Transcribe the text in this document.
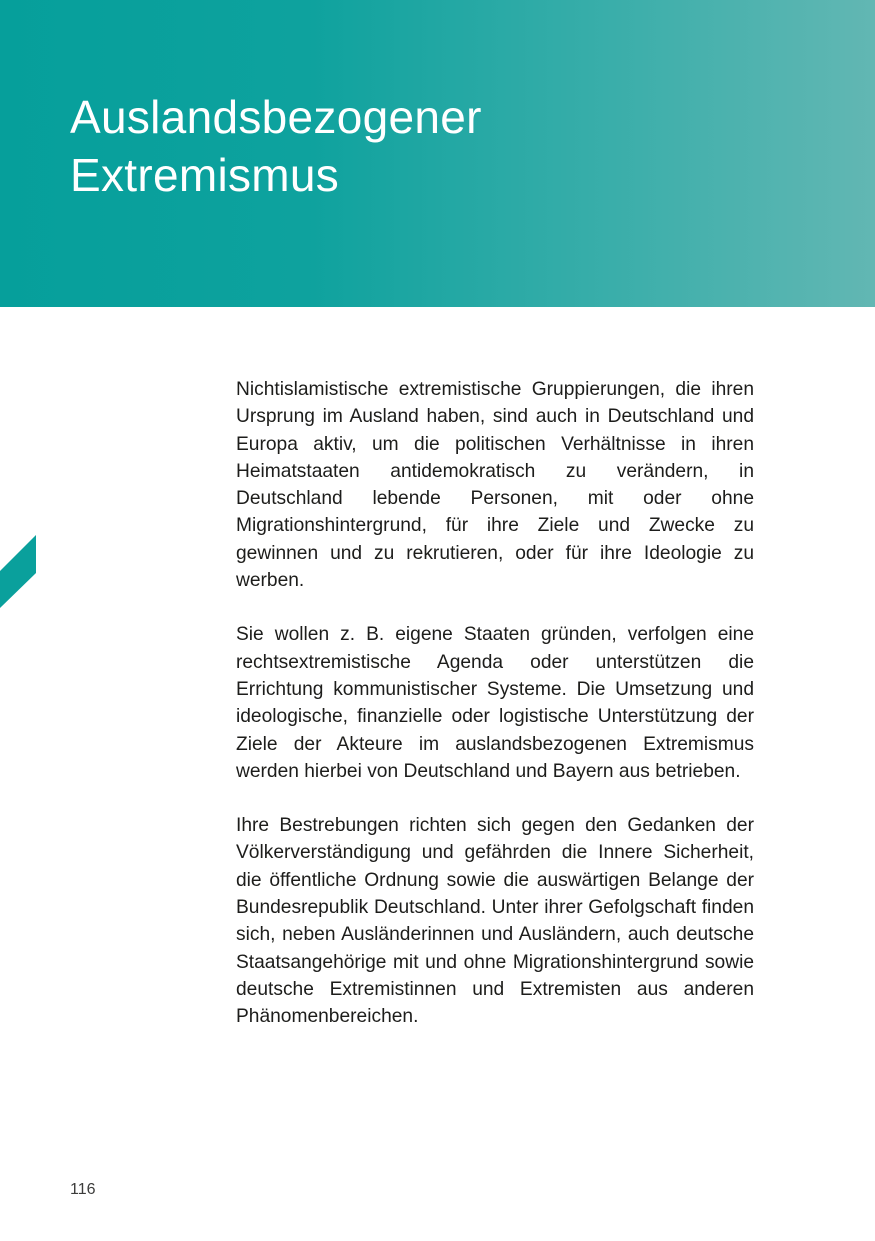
Auslandsbezogener
Extremismus

Nichtislamistische extremistische Gruppierungen, die ihren Ursprung im Ausland haben, sind auch in Deutschland und Europa aktiv, um die politischen Verhältnisse in ihren Heimatstaaten antidemokratisch zu verändern, in Deutschland lebende Personen, mit oder ohne Migrationshintergrund, für ihre Ziele und Zwecke zu gewinnen und zu rekrutieren, oder für ihre Ideologie zu werben.

Sie wollen z. B. eigene Staaten gründen, verfolgen eine rechtsextremistische Agenda oder unterstützen die Errichtung kommunistischer Systeme. Die Umsetzung und ideologische, finanzielle oder logistische Unterstützung der Ziele der Akteure im auslandsbezogenen Extremismus werden hierbei von Deutschland und Bayern aus betrieben.

Ihre Bestrebungen richten sich gegen den Gedanken der Völkerverständigung und gefährden die Innere Sicherheit, die öffentliche Ordnung sowie die auswärtigen Belange der Bundesrepublik Deutschland. Unter ihrer Gefolgschaft finden sich, neben Ausländerinnen und Ausländern, auch deutsche Staatsangehörige mit und ohne Migrationshintergrund sowie deutsche Extremistinnen und Extremisten aus anderen Phänomenbereichen.

116
